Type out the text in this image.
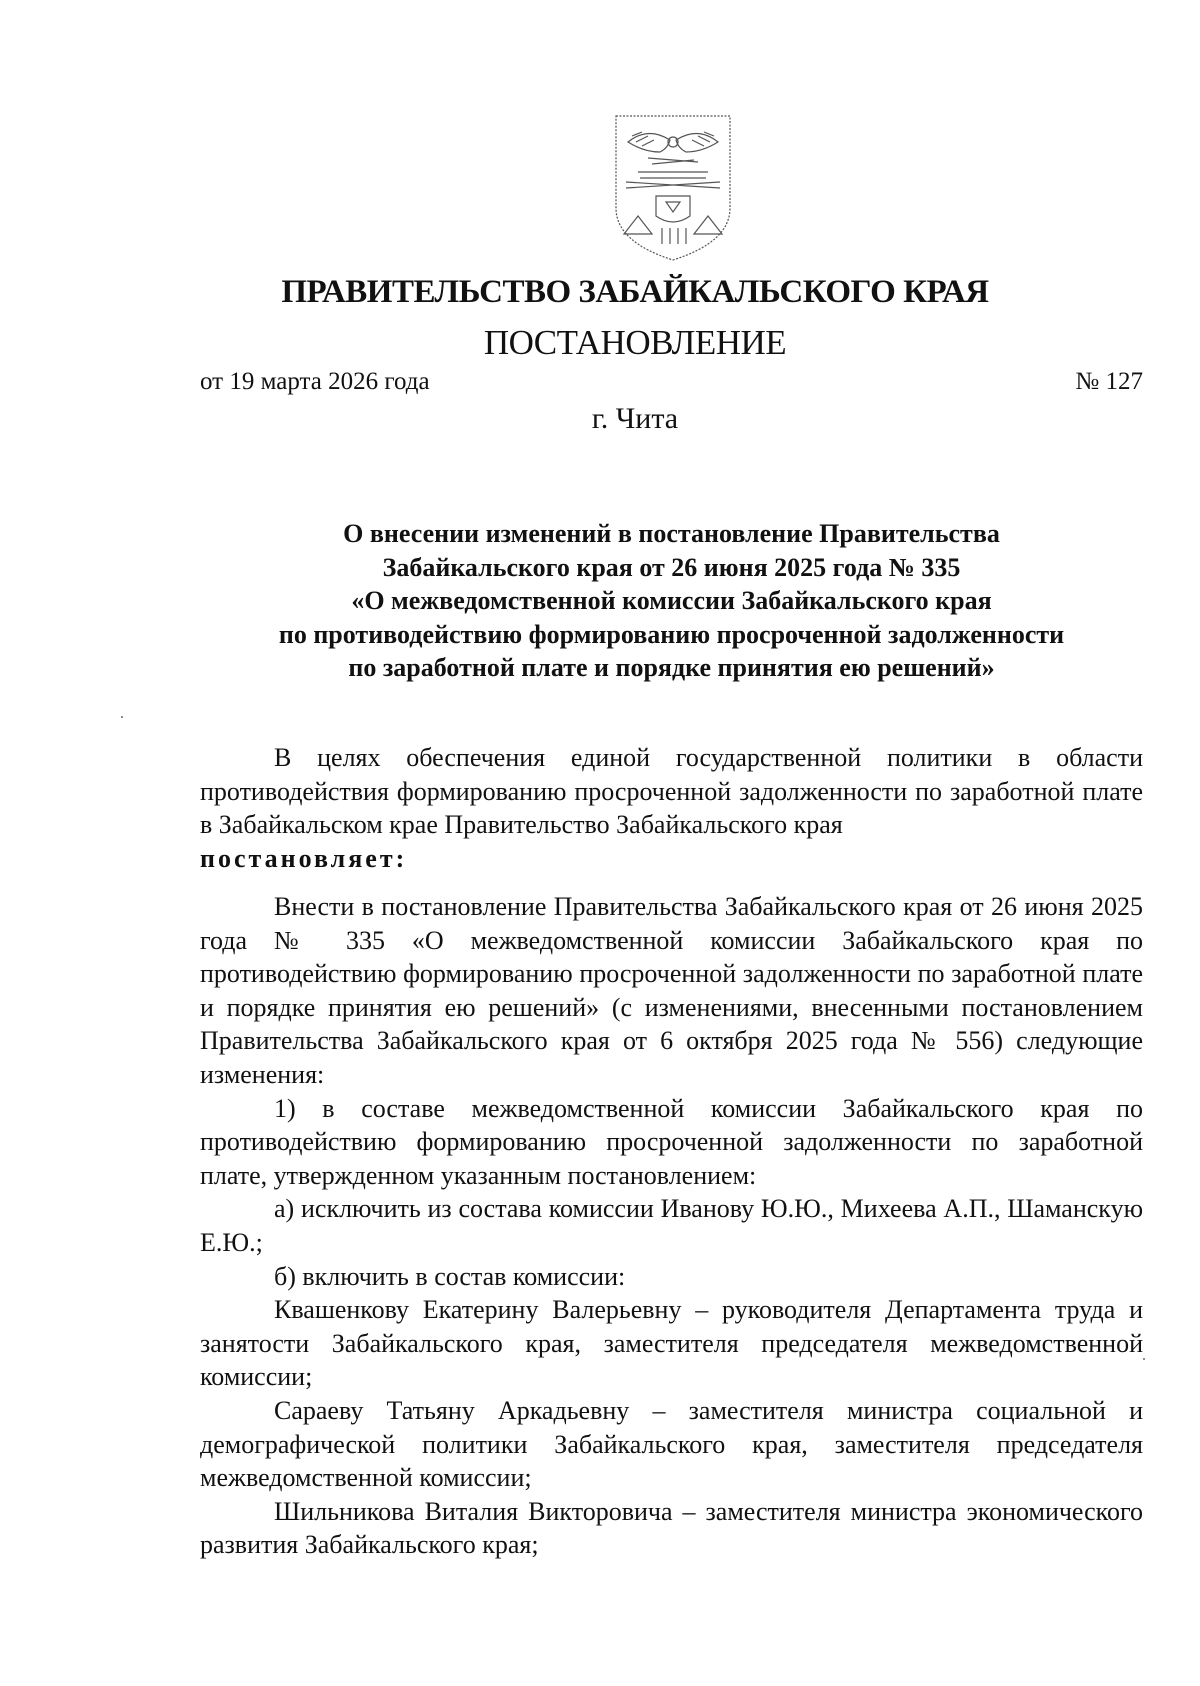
ПРАВИТЕЛЬСТВО ЗАБАЙКАЛЬСКОГО КРАЯ
ПОСТАНОВЛЕНИЕ
от 19 марта 2026 года	№ 127
г. Чита
О внесении изменений в постановление Правительства
Забайкальского края от 26 июня 2025 года № 335
«О межведомственной комиссии Забайкальского края
по противодействию формированию просроченной задолженности
по заработной плате и порядке принятия ею решений»

В целях обеспечения единой государственной политики в области противодействия формированию просроченной задолженности по заработной плате в Забайкальском крае Правительство Забайкальского края

постановляет:

Внести в постановление Правительства Забайкальского края от 26 июня 2025 года № 335 «О межведомственной комиссии Забайкальского края по противодействию формированию просроченной задолженности по заработной плате и порядке принятия ею решений» (с изменениями, внесенными постановлением Правительства Забайкальского края от 6 октября 2025 года № 556) следующие изменения:

1) в составе межведомственной комиссии Забайкальского края по противодействию формированию просроченной задолженности по заработной плате, утвержденном указанным постановлением:

а) исключить из состава комиссии Иванову Ю.Ю., Михеева А.П., Шаманскую Е.Ю.;

б) включить в состав комиссии:

Квашенкову Екатерину Валерьевну – руководителя Департамента труда и занятости Забайкальского края, заместителя председателя межведомственной комиссии;

Сараеву Татьяну Аркадьевну – заместителя министра социальной и демографической политики Забайкальского края, заместителя председателя межведомственной комиссии;

Шильникова Виталия Викторовича – заместителя министра экономического развития Забайкальского края;
